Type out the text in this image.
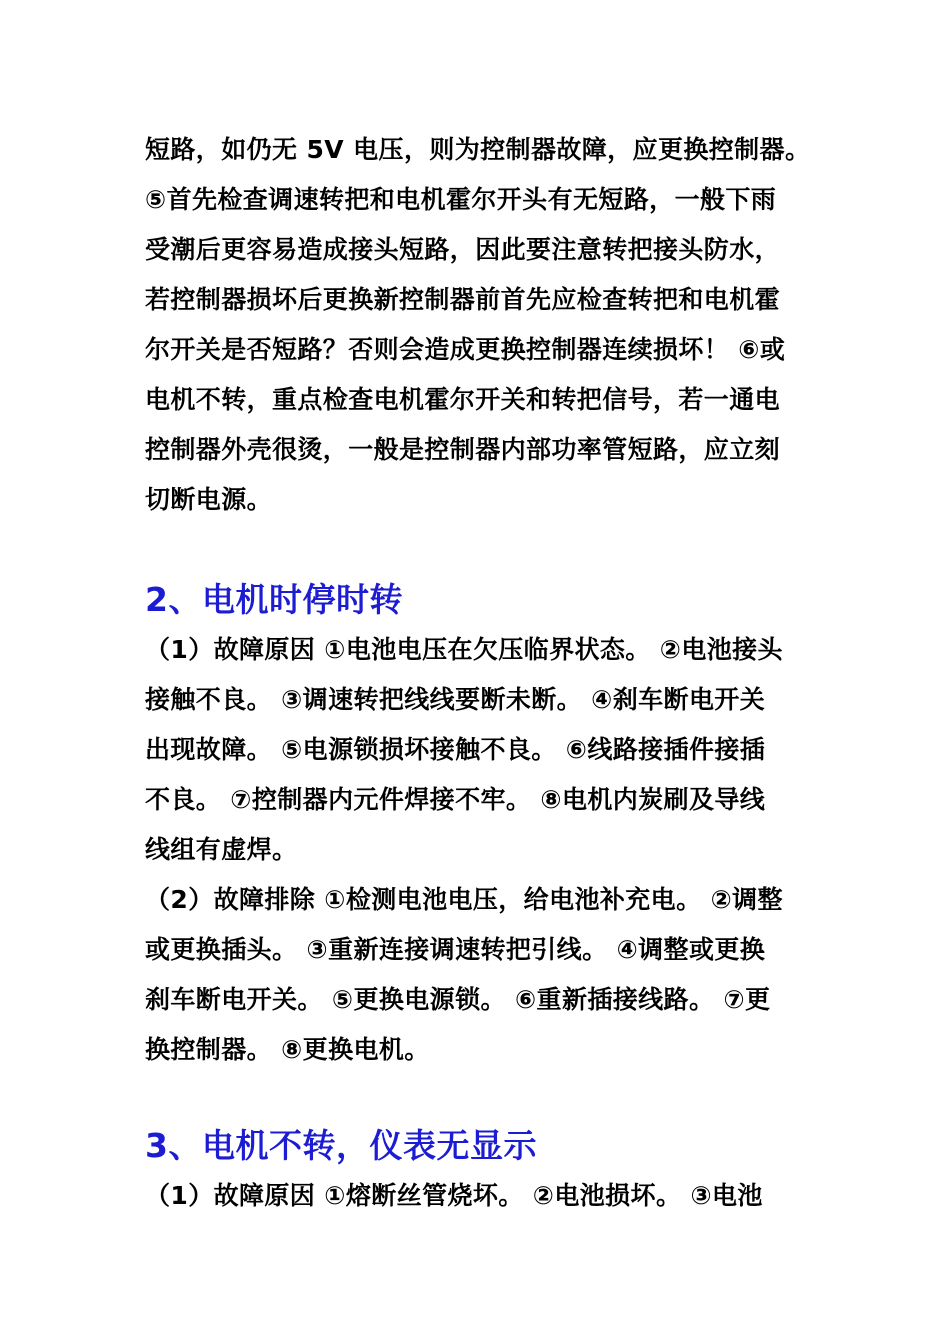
短路，如仍无 5V 电压，则为控制器故障，应更换控制器。
⑤首先检查调速转把和电机霍尔开头有无短路，一般下雨
受潮后更容易造成接头短路，因此要注意转把接头防水，
若控制器损坏后更换新控制器前首先应检查转把和电机霍
尔开关是否短路？否则会造成更换控制器连续损坏！ ⑥或
电机不转，重点检查电机霍尔开关和转把信号，若一通电
控制器外壳很烫，一般是控制器内部功率管短路，应立刻
切断电源。
2、电机时停时转
（1）故障原因 ①电池电压在欠压临界状态。 ②电池接头
接触不良。 ③调速转把线线要断未断。 ④刹车断电开关
出现故障。 ⑤电源锁损坏接触不良。 ⑥线路接插件接插
不良。 ⑦控制器内元件焊接不牢。 ⑧电机内炭刷及导线
线组有虚焊。
（2）故障排除 ①检测电池电压，给电池补充电。 ②调整
或更换插头。 ③重新连接调速转把引线。 ④调整或更换
刹车断电开关。 ⑤更换电源锁。 ⑥重新插接线路。 ⑦更
换控制器。 ⑧更换电机。
3、电机不转，仪表无显示
（1）故障原因 ①熔断丝管烧坏。 ②电池损坏。 ③电池
